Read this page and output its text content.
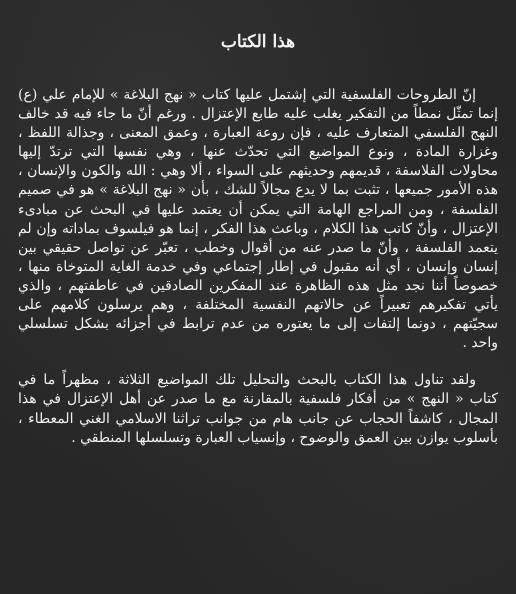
هذا الكتاب

إنّ الطروحات الفلسفية التي إشتمل عليها كتاب « نهج البلاغة » للإمام علي (ع) إنما تمثّل نمطاً من التفكير يغلب عليه طابع الإعتزال . ورغم أنّ ما جاء فيه قد خالف النهج الفلسفي المتعارف عليه ، فإن روعة العبارة ، وعمق المعنى ، وجذالة اللفظ ، وغزارة المادة ، ونوع المواضيع التي تحدّث عنها ، وهي نفسها التي ترتدّ إليها محاولات الفلاسفة ، قديمهم وحديثهم على السواء ، ألا وهي : الله والكون والإنسان ، هذه الأمور جميعها ، تثبت بما لا يدع مجالاً للشك ، بأن « نهج البلاغة » هو في صميم الفلسفة ، ومن المراجع الهامة التي يمكن أن يعتمد عليها في البحث عن مبادىء الإعتزال ، وأنّ كاتب هذا الكلام ، وباعث هذا الفكر ، إنما هو فيلسوف بماداته وإن لم يتعمد الفلسفة ، وأنّ ما صدر عنه من أقوال وخطب ، تعبّر عن تواصل حقيقي بين إنسان وإنسان ، أي أنه مقبول في إطار إجتماعي وفي خدمة الغاية المتوخاة منها ، خصوصاً أننا نجد مثل هذه الظاهرة عند المفكرين الصادقين في عاطفتهم ، والذي يأتي تفكيرهم تعبيراً عن حالاتهم النفسية المختلفة ، وهم يرسلون كلامهم على سجيّتهم ، دونما إلتفات إلى ما يعتوره من عدم ترابط في أجزائه بشكل تسلسلي واحد .

ولقد تناول هذا الكتاب بالبحث والتحليل تلك المواضيع الثلاثة ، مظهراً ما في كتاب « النهج » من أفكار فلسفية بالمقارنة مع ما صدر عن أهل الإعتزال في هذا المجال ، كاشفاً الحجاب عن جانب هام من جوانب تراثنا الاسلامي الغني المعطاء ، بأسلوب يوازن بين العمق والوضوح ، وإنسياب العبارة وتسلسلها المنطقي .
